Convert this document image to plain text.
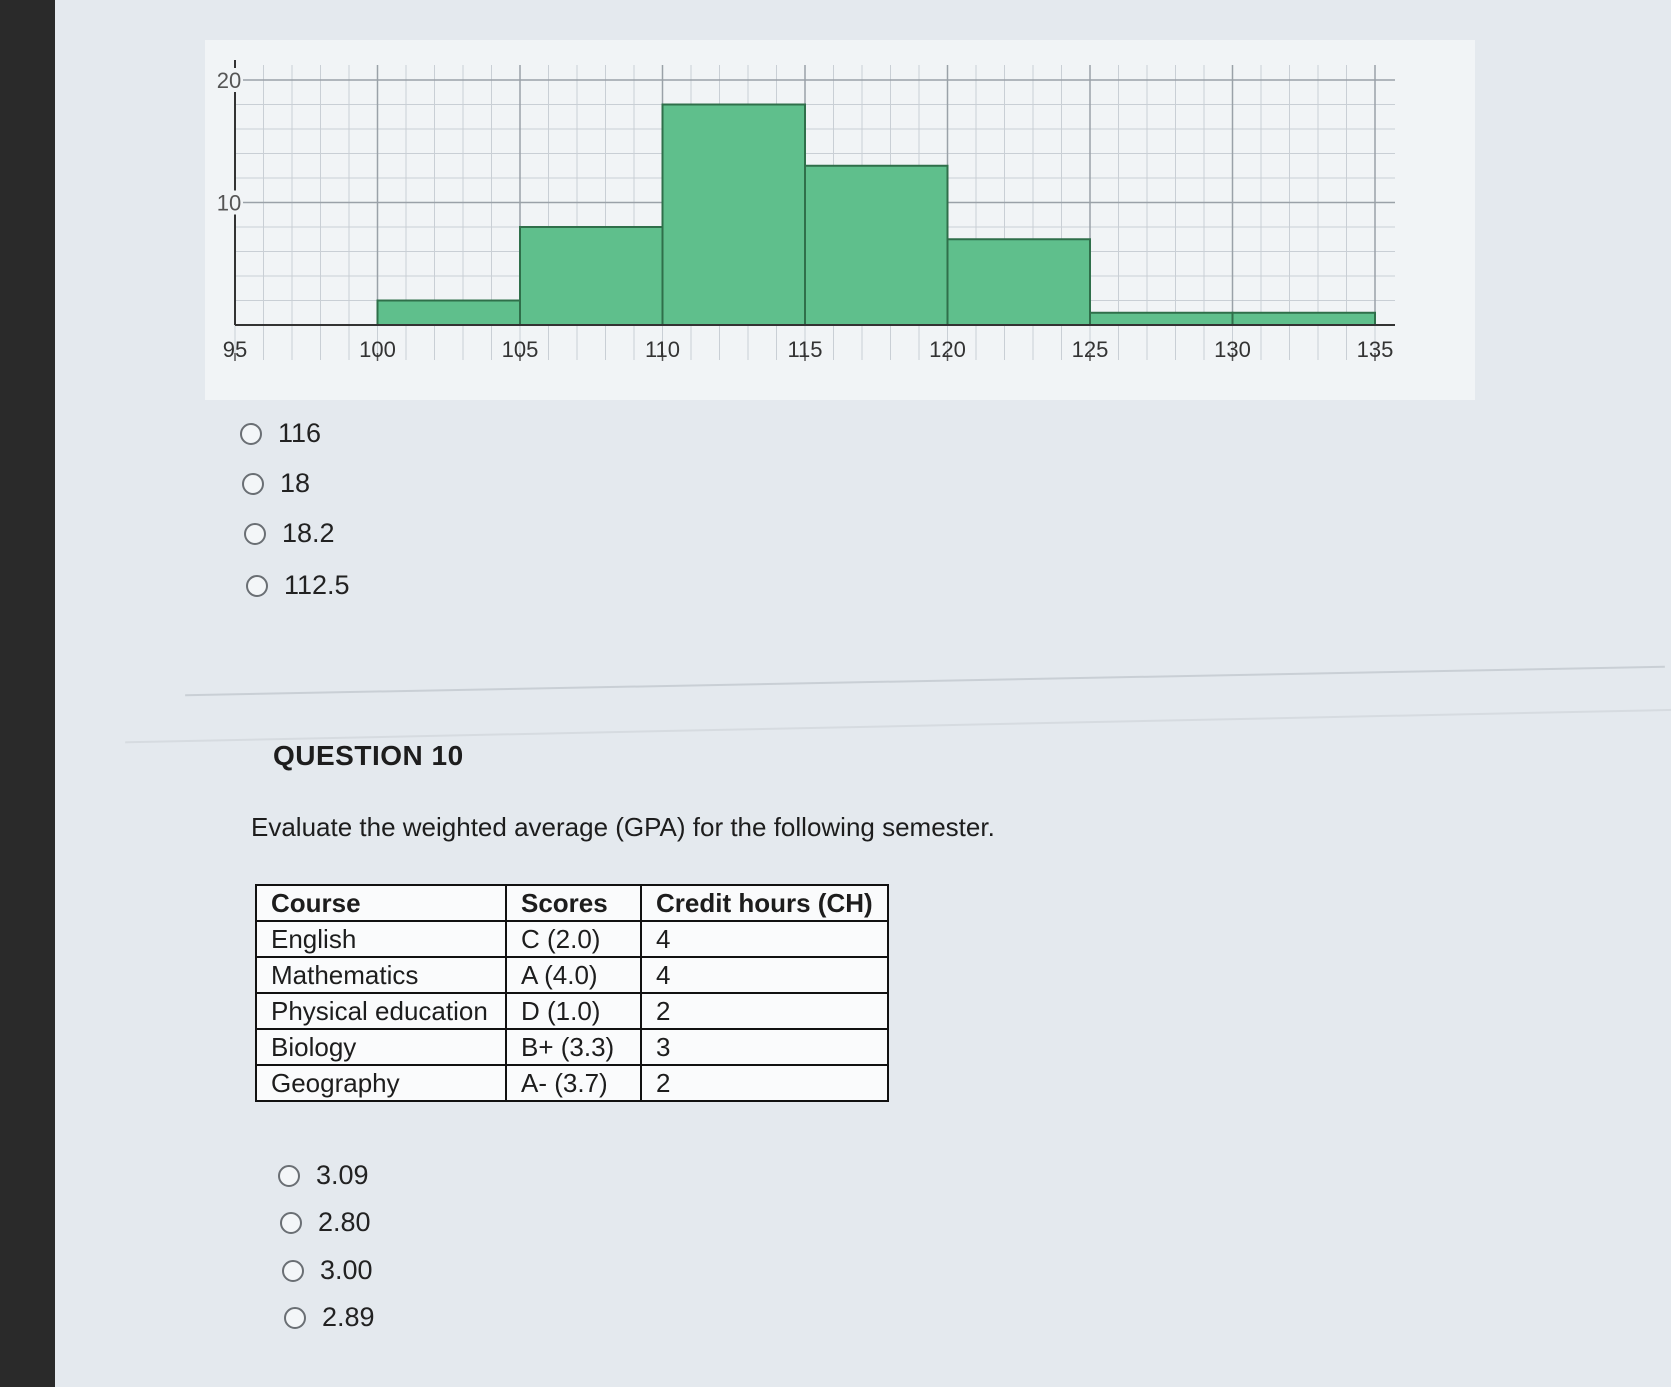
95	100	105	110	115	120	125	130	135
10
20
116
18
18.2
112.5
QUESTION 10
Evaluate the weighted average (GPA) for the following semester.
Course	Scores	Credit hours (CH)
English	C (2.0)	4
Mathematics	A (4.0)	4
Physical education	D (1.0)	2
Biology	B+ (3.3)	3
Geography	A- (3.7)	2
3.09
2.80
3.00
2.89
